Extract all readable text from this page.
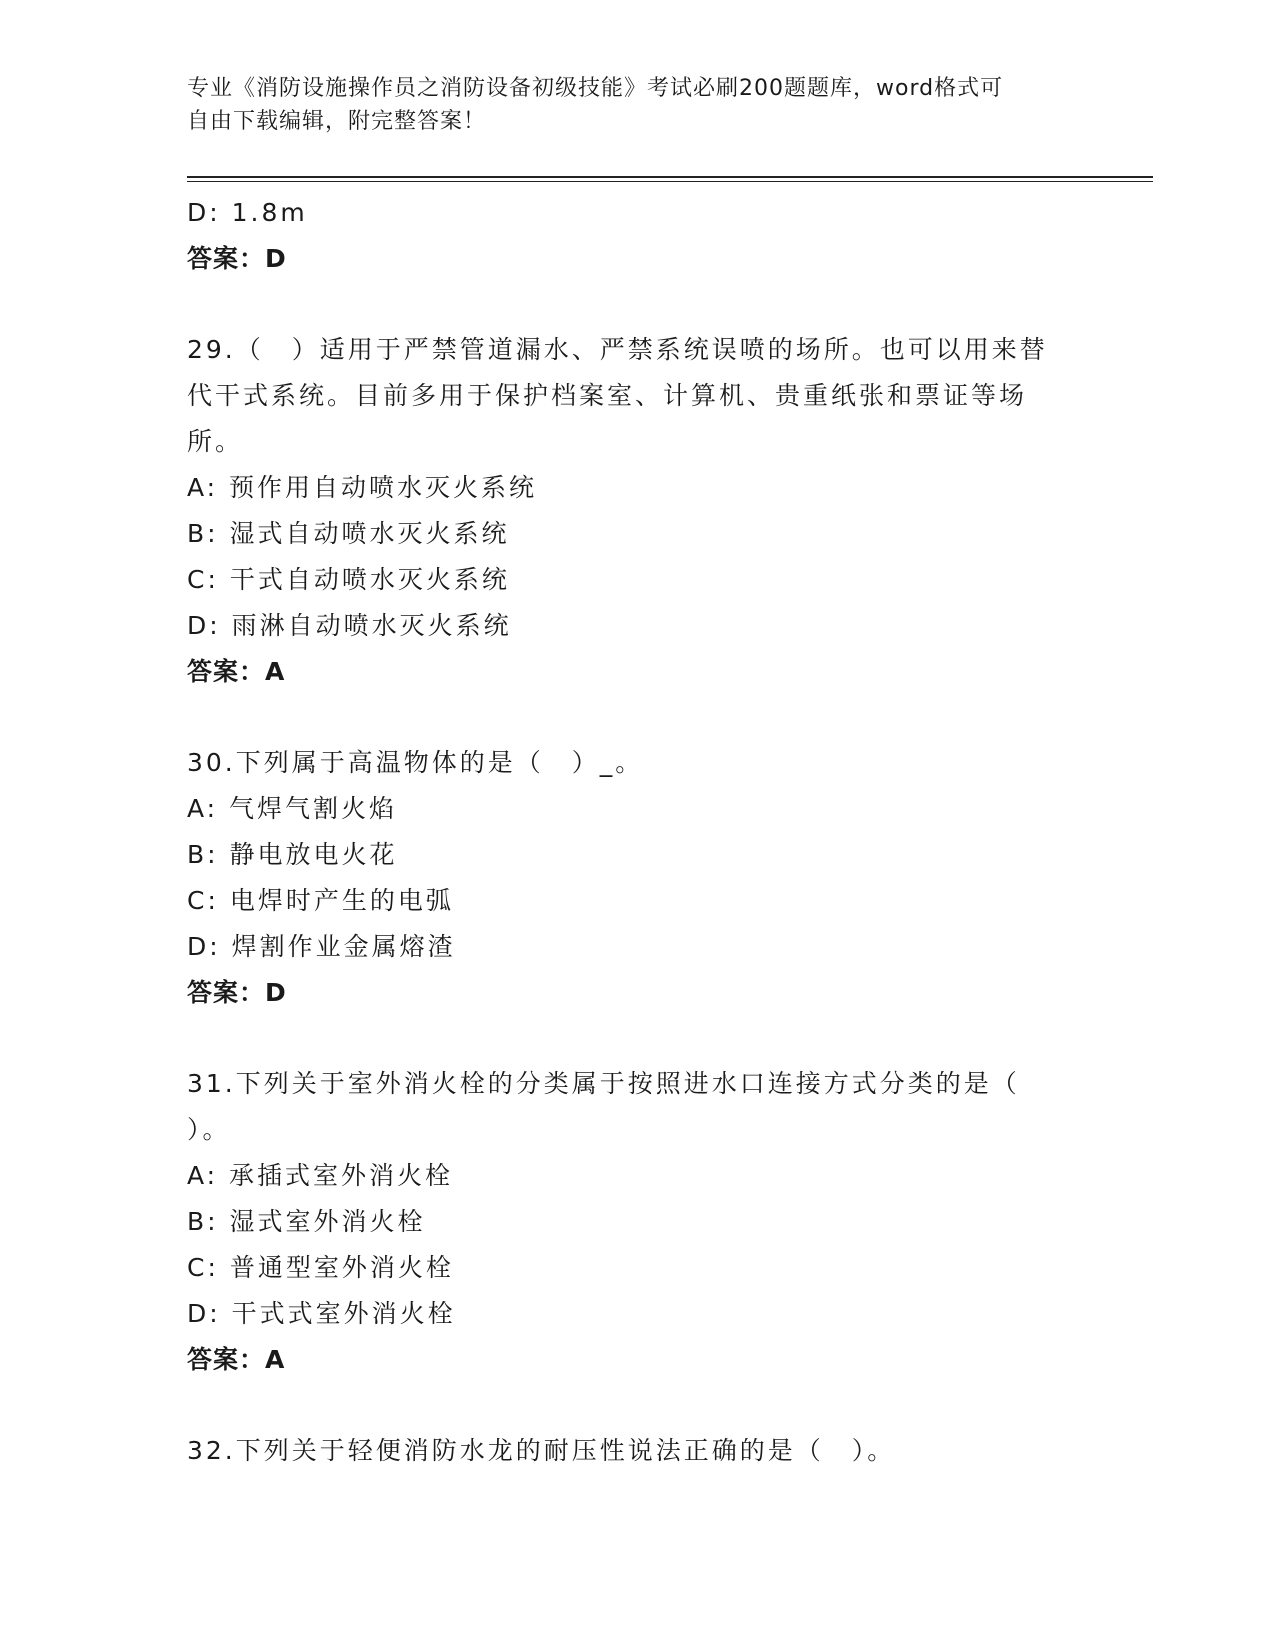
专业《消防设施操作员之消防设备初级技能》考试必刷200题题库，word格式可
自由下载编辑，附完整答案！
D: 1.8m
答案：D
29.（　）适用于严禁管道漏水、严禁系统误喷的场所。也可以用来替
代干式系统。目前多用于保护档案室、计算机、贵重纸张和票证等场
所。
A: 预作用自动喷水灭火系统
B: 湿式自动喷水灭火系统
C: 干式自动喷水灭火系统
D: 雨淋自动喷水灭火系统
答案：A
30.下列属于高温物体的是（　）_。
A: 气焊气割火焰
B: 静电放电火花
C: 电焊时产生的电弧
D: 焊割作业金属熔渣
答案：D
31.下列关于室外消火栓的分类属于按照进水口连接方式分类的是（
）。
A: 承插式室外消火栓
B: 湿式室外消火栓
C: 普通型室外消火栓
D: 干式式室外消火栓
答案：A
32.下列关于轻便消防水龙的耐压性说法正确的是（　）。
